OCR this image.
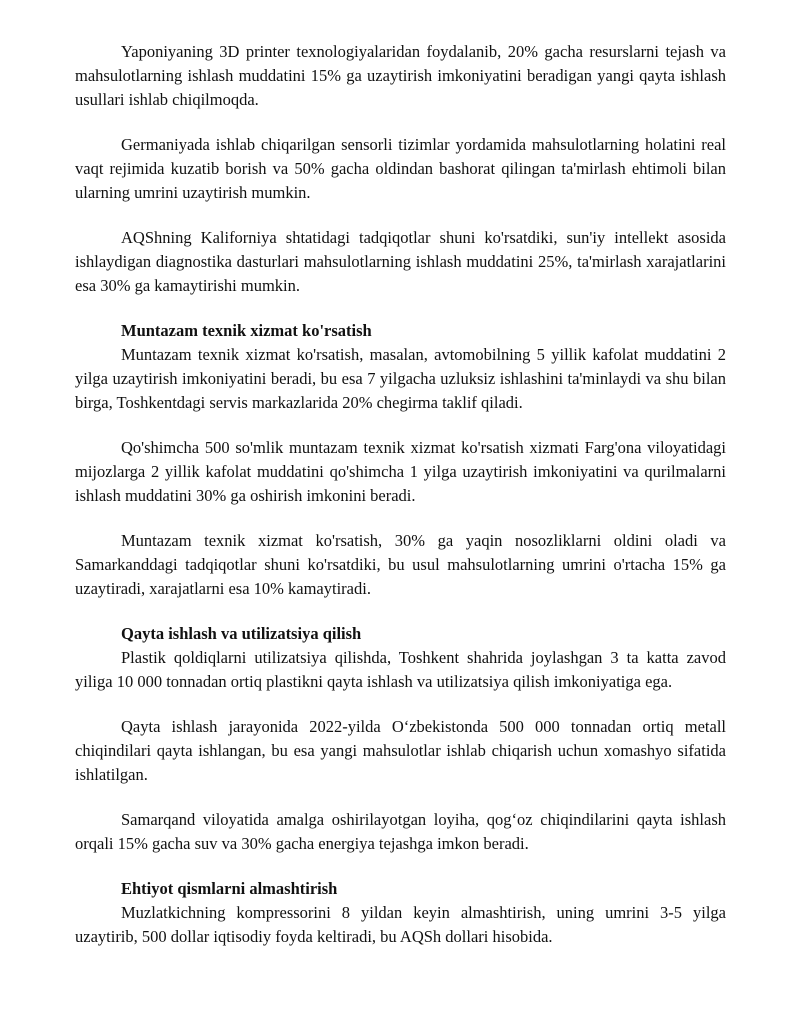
Yaponiyaning 3D printer texnologiyalaridan foydalanib, 20% gacha resurslarni tejash va mahsulotlarning ishlash muddatini 15% ga uzaytirish imkoniyatini beradigan yangi qayta ishlash usullari ishlab chiqilmoqda.

Germaniyada ishlab chiqarilgan sensorli tizimlar yordamida mahsulotlarning holatini real vaqt rejimida kuzatib borish va 50% gacha oldindan bashorat qilingan ta'mirlash ehtimoli bilan ularning umrini uzaytirish mumkin.

AQShning Kaliforniya shtatidagi tadqiqotlar shuni ko'rsatdiki, sun'iy intellekt asosida ishlaydigan diagnostika dasturlari mahsulotlarning ishlash muddatini 25%, ta'mirlash xarajatlarini esa 30% ga kamaytirishi mumkin.

Muntazam texnik xizmat ko'rsatish

Muntazam texnik xizmat ko'rsatish, masalan, avtomobilning 5 yillik kafolat muddatini 2 yilga uzaytirish imkoniyatini beradi, bu esa 7 yilgacha uzluksiz ishlashini ta'minlaydi va shu bilan birga, Toshkentdagi servis markazlarida 20% chegirma taklif qiladi.

Qo'shimcha 500 so'mlik muntazam texnik xizmat ko'rsatish xizmati Farg'ona viloyatidagi mijozlarga 2 yillik kafolat muddatini qo'shimcha 1 yilga uzaytirish imkoniyatini va qurilmalarni ishlash muddatini 30% ga oshirish imkonini beradi.

Muntazam texnik xizmat ko'rsatish, 30% ga yaqin nosozliklarni oldini oladi va Samarkanddagi tadqiqotlar shuni ko'rsatdiki, bu usul mahsulotlarning umrini o'rtacha 15% ga uzaytiradi, xarajatlarni esa 10% kamaytiradi.

Qayta ishlash va utilizatsiya qilish

Plastik qoldiqlarni utilizatsiya qilishda, Toshkent shahrida joylashgan 3 ta katta zavod yiliga 10 000 tonnadan ortiq plastikni qayta ishlash va utilizatsiya qilish imkoniyatiga ega.

Qayta ishlash jarayonida 2022-yilda O‘zbekistonda 500 000 tonnadan ortiq metall chiqindilari qayta ishlangan, bu esa yangi mahsulotlar ishlab chiqarish uchun xomashyo sifatida ishlatilgan.

Samarqand viloyatida amalga oshirilayotgan loyiha, qog‘oz chiqindilarini qayta ishlash orqali 15% gacha suv va 30% gacha energiya tejashga imkon beradi.

Ehtiyot qismlarni almashtirish

Muzlatkichning kompressorini 8 yildan keyin almashtirish, uning umrini 3-5 yilga uzaytirib, 500 dollar iqtisodiy foyda keltiradi, bu AQSh dollari hisobida.
